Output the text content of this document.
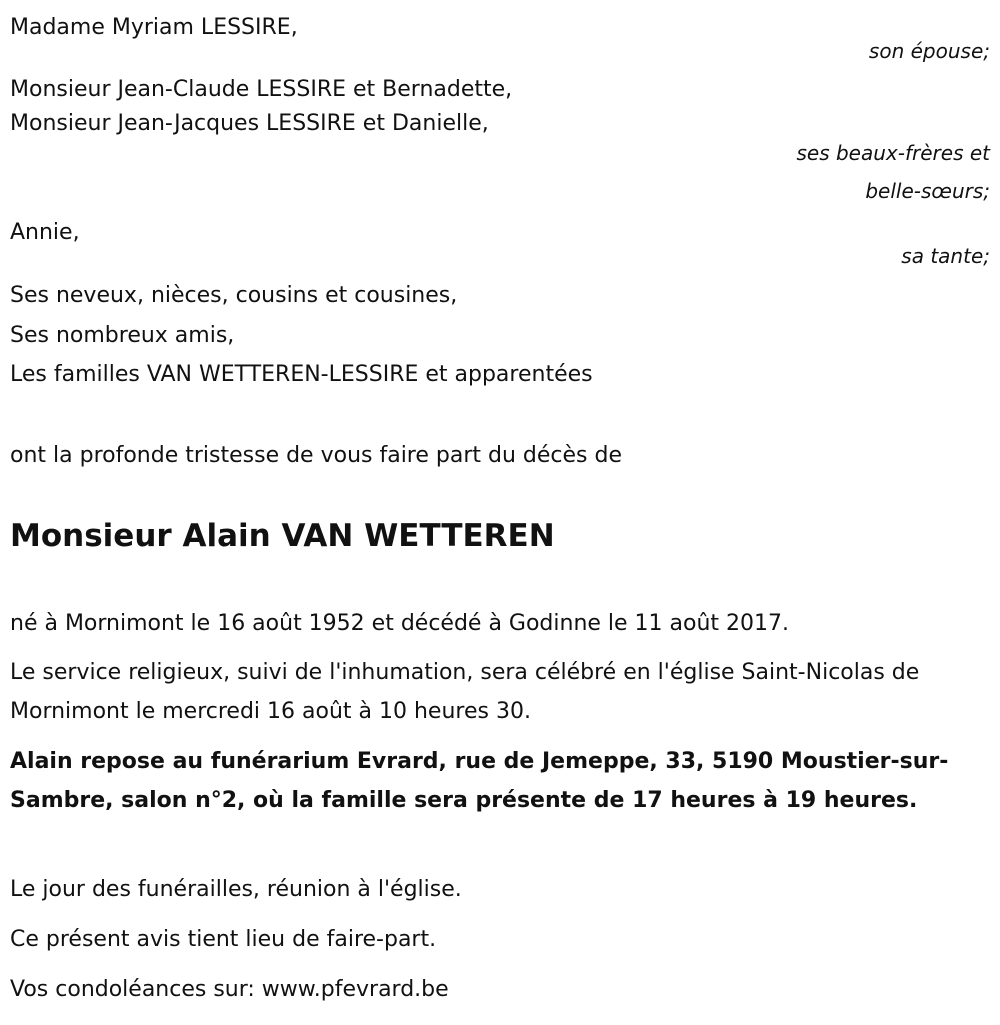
Madame Myriam LESSIRE,
son épouse;
Monsieur Jean-Claude LESSIRE et Bernadette,
Monsieur Jean-Jacques LESSIRE et Danielle,
ses beaux-frères et
belle-sœurs;
Annie,
sa tante;
Ses neveux, nièces, cousins et cousines,
Ses nombreux amis,
Les familles VAN WETTEREN-LESSIRE et apparentées
ont la profonde tristesse de vous faire part du décès de
Monsieur Alain VAN WETTEREN
né à Mornimont le 16 août 1952 et décédé à Godinne le 11 août 2017.
Le service religieux, suivi de l'inhumation, sera célébré en l'église Saint-Nicolas de Mornimont le mercredi 16 août à 10 heures 30.
Alain repose au funérarium Evrard, rue de Jemeppe, 33, 5190 Moustier-sur-Sambre, salon n°2, où la famille sera présente de 17 heures à 19 heures.
Le jour des funérailles, réunion à l'église.
Ce présent avis tient lieu de faire-part.
Vos condoléances sur: www.pfevrard.be
